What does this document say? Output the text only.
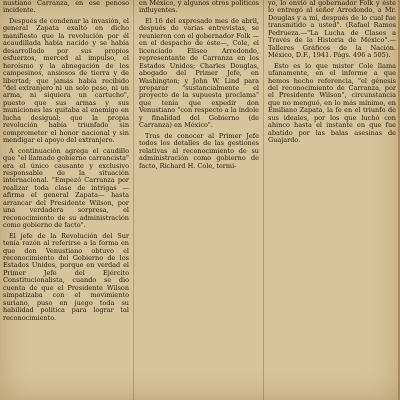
nustiano Carranza, en ese penoso incidente.

Después de condenar la invasión, el general Zapata exaltó en dicho manifiesto que la revolución por él acaudillada había nacido y se había desarrollado por sus propios esfuerzos, merced al impulso, el heroísmo y la abnegación de los campesinos, ansiosos de tierra y de libertad; que jamás había recibido "del extranjero ni un solo peso, ni un arma, ni siquiera un cartucho", puesto que sus armas y sus municiones las quitaba al enemigo en lucha desigual; que la propia revolución había triunfado sin comprometer el honor nacional y sin mendigar el apoyo del extranjero.

A continuación agrega el caudillo que "el llamado gobierno carrancista" era el único causante y exclusivo responsable de la situación internacional. "Empezó Carranza por realizar toda clase de intrigas —afirma el general Zapata— hasta arrancar del Presidente Wilson, por una verdadera sorpresa, el reconocimiento de su administración como gobierno de facto".

El jefe de la Revolución del Sur tenía razón al referirse a la forma en que don Venustiano obtuvo el reconocimiento del Gobierno de los Estados Unidos, porque en verdad el Primer Jefe del Ejército Constitucionalista, cuando se dio cuenta de que el Presidente Wilson simpatizaba con el movimiento suriano, puso en juego toda su habilidad política para lograr tal reconocimiento.

en México, y algunos otros políticos influyentes.

El 16 del expresado mes de abril, después de varias entrevistas, se reunieron con el gobernador Folk —en el despacho de éste—, Cole, el licenciado Eliseo Arredondo, representante de Carranza en los Estados Unidos; Charles Douglas, abogado del Primer Jefe, en Washington; y John W. Lind para preparar "sustancialmente el proyecto de la supuesta proclama" que tenía que expedir don Venustiano "con respecto a la índole y finalidad del Gobierno (de Carranza) en México".

Tras de conocer al Primer Jefe todos los detalles de las gestiones relativas al reconocimiento de su administración como gobierno de facto, Richard H. Cole, termi-

yo, lo envió al gobernador Folk y éste lo entregó al señor Arredondo, a Mr. Douglas y a mí, después de lo cual fue transmitido a usted". (Rafael Ramos Pedrueza.—"La Lucha de Clases a Través de la Historia de México".—Talleres Gráficos de la Nación. México, D.F., 1941. Págs. 496 a 505).

Esto es lo que mister Cole llama ufanamente, en el informe a que hemos hecho referencia, "el génesis del reconocimiento de Carranza, por el Presidente Wilson", circunstancia que no menguó, en lo más mínimo, en Emiliano Zapata, la fe en el triunfo de sus ideales, por los que luchó con ahinco hasta el instante en que fue abatido por las balas asesinas de Guajardo.
